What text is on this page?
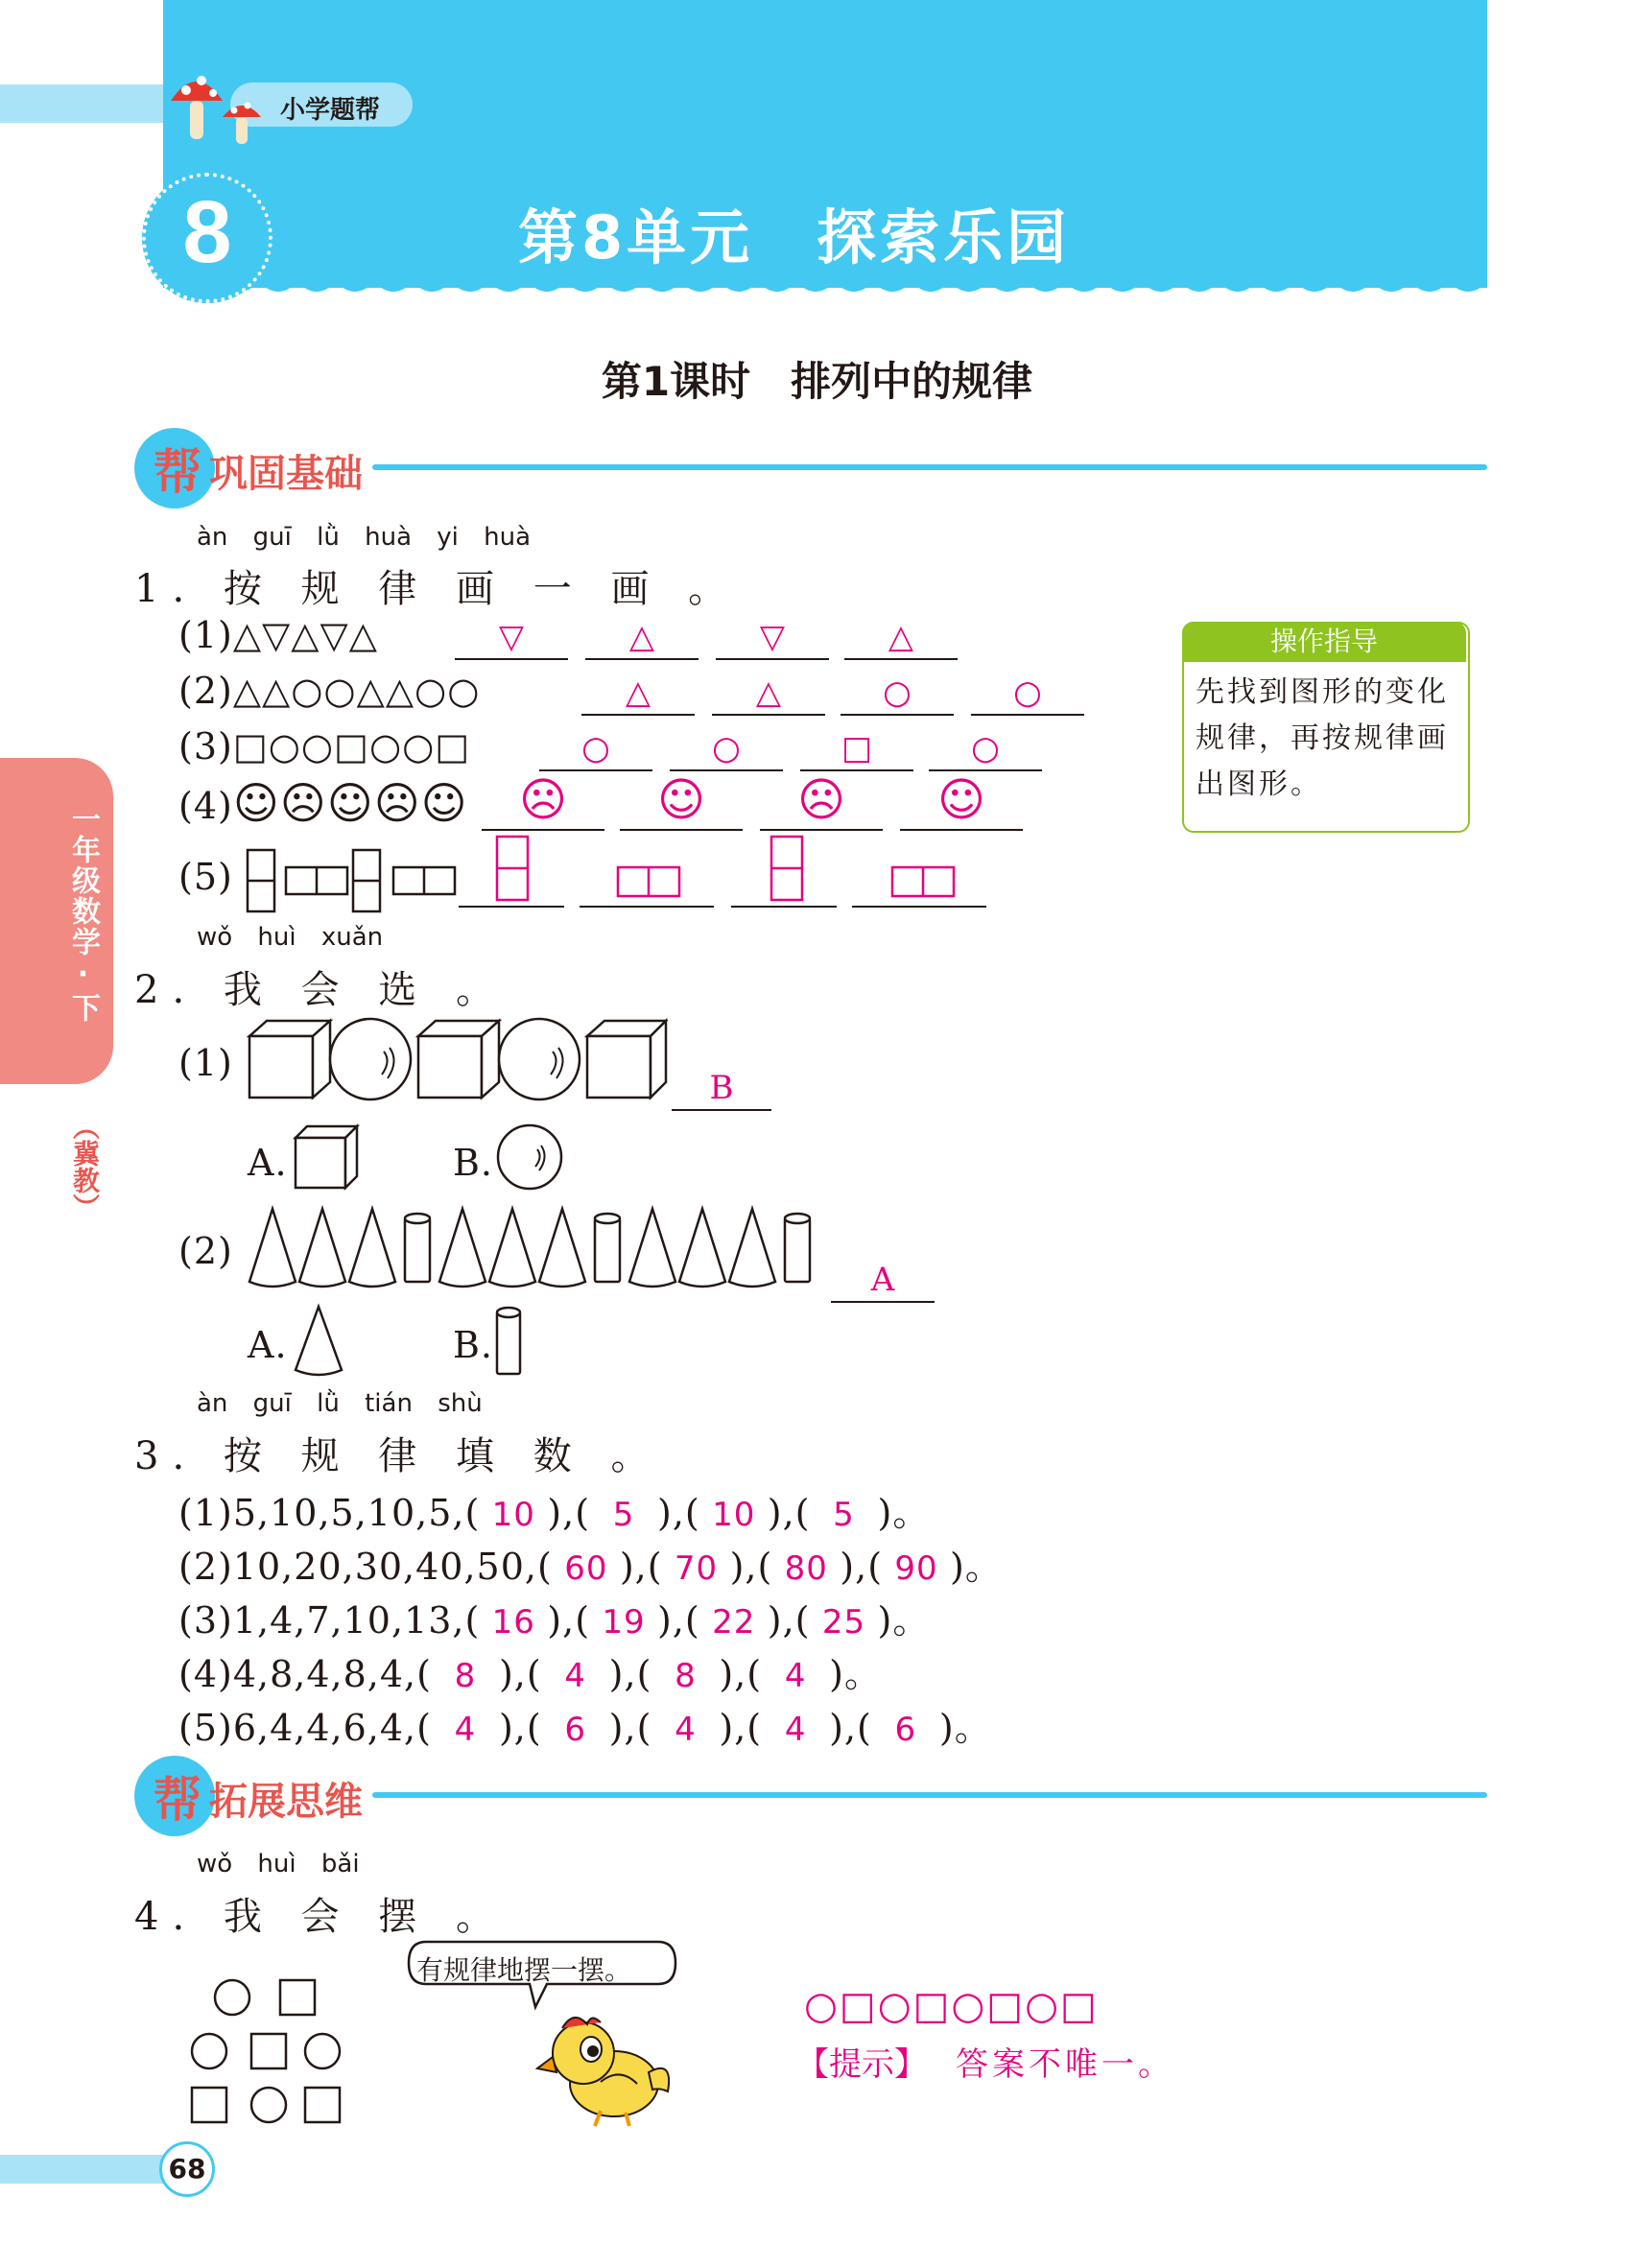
小学题帮
8	第8单元　探索乐园
第1课时　排列中的规律
一年级数学·下
（冀教）
帮 巩固基础
àn guī lǜ huà yi huà
1. 按 规 律 画 一 画 。
(1)△▽△▽△	▽	△	▽	△
(2)△△○○△△○○	△	△	○	○
(3)□○○□○○□	○	○	□	○
(4)☺☹☺☹☺	☹	☺	☹	☺
(5)
操作指导
先找到图形的变化规律，再按规律画出图形。
wǒ huì xuǎn
2. 我 会 选 。
(1)
B
A.	B.
(2)
A
A.	B.
àn guī lǜ tián shù
3. 按 规 律 填 数 。
(1)5,10,5,10,5,( 10 ),( 5 ),( 10 ),( 5 )。
(2)10,20,30,40,50,( 60 ),( 70 ),( 80 ),( 90 )。
(3)1,4,7,10,13,( 16 ),( 19 ),( 22 ),( 25 )。
(4)4,8,4,8,4,( 8 ),( 4 ),( 8 ),( 4 )。
(5)6,4,4,6,4,( 4 ),( 6 ),( 4 ),( 4 ),( 6 )。
帮 拓展思维
wǒ huì bǎi
4. 我 会 摆 。
有规律地摆一摆。
○□○□○□○□
【提示】 答案不唯一。
68
